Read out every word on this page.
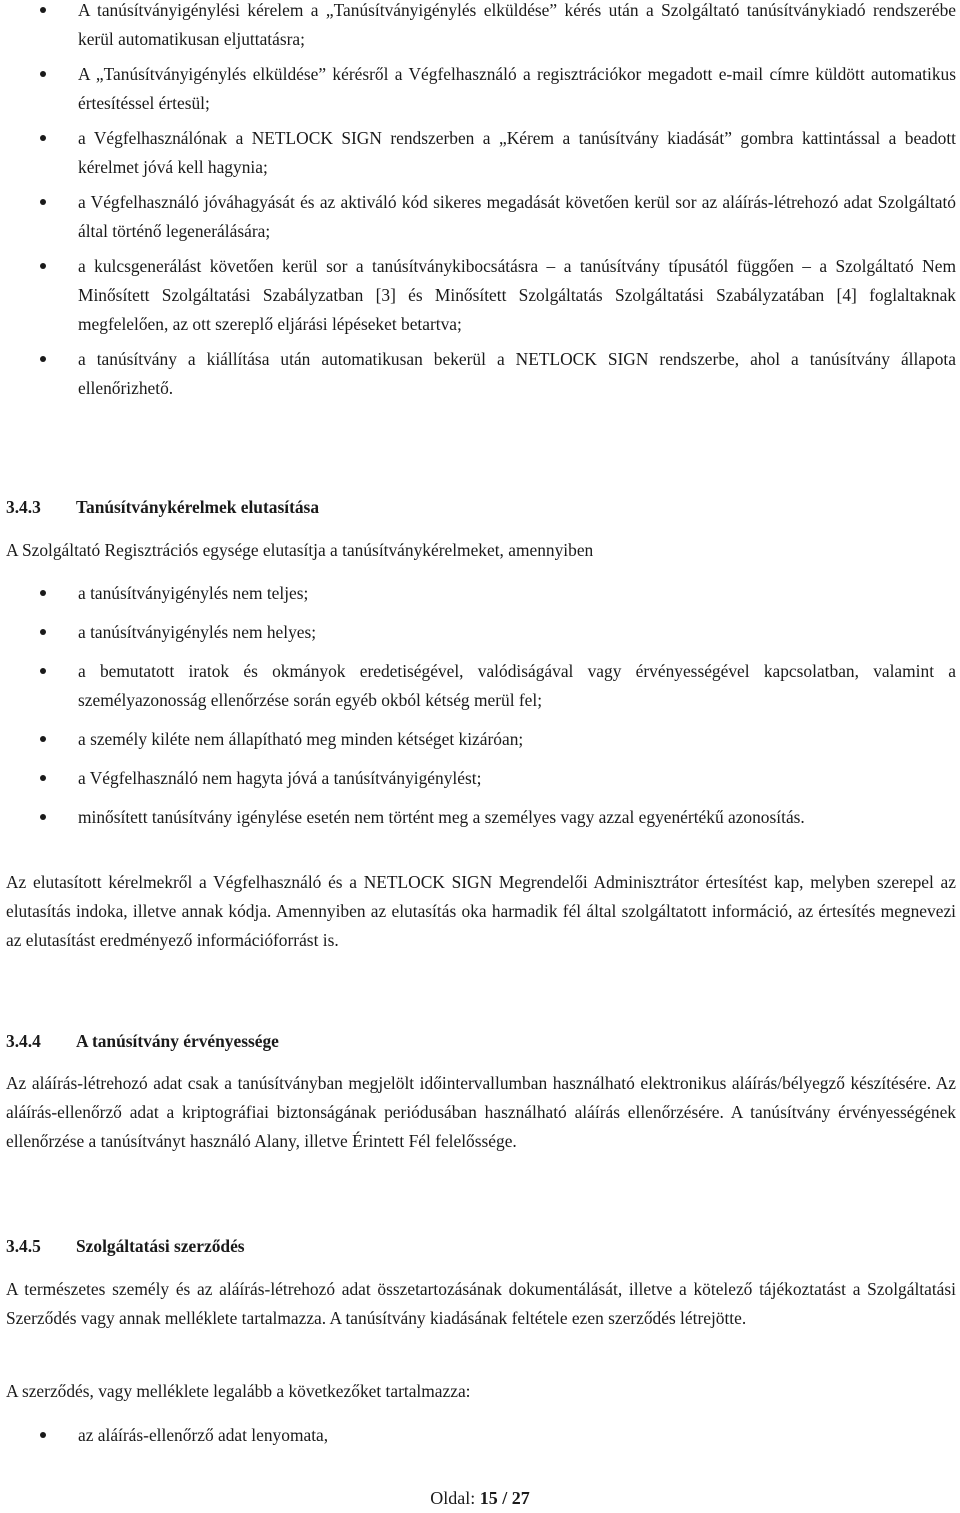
A tanúsítványigénylési kérelem a „Tanúsítványigénylés elküldése” kérés után a Szolgáltató tanúsítványkiadó rendszerébe kerül automatikusan eljuttatásra;
A „Tanúsítványigénylés elküldése” kérésről a Végfelhasználó a regisztrációkor megadott e-mail címre küldött automatikus értesítéssel értesül;
a Végfelhasználónak a NETLOCK SIGN rendszerben a „Kérem a tanúsítvány kiadását” gombra kattintással a beadott kérelmet jóvá kell hagynia;
a Végfelhasználó jóváhagyását és az aktiváló kód sikeres megadását követően kerül sor az aláírás-létrehozó adat Szolgáltató által történő legenerálására;
a kulcsgenerálást követően kerül sor a tanúsítványkibocsátásra – a tanúsítvány típusától függően – a Szolgáltató Nem Minősített Szolgáltatási Szabályzatban [3] és Minősített Szolgáltatás Szolgáltatási Szabályzatában [4] foglaltaknak megfelelően, az ott szereplő eljárási lépéseket betartva;
a tanúsítvány a kiállítása után automatikusan bekerül a NETLOCK SIGN rendszerbe, ahol a tanúsítvány állapota ellenőrizhető.
3.4.3 Tanúsítványkérelmek elutasítása

A Szolgáltató Regisztrációs egysége elutasítja a tanúsítványkérelmeket, amennyiben

a tanúsítványigénylés nem teljes;
a tanúsítványigénylés nem helyes;
a bemutatott iratok és okmányok eredetiségével, valódiságával vagy érvényességével kapcsolatban, valamint a személyazonosság ellenőrzése során egyéb okból kétség merül fel;
a személy kiléte nem állapítható meg minden kétséget kizáróan;
a Végfelhasználó nem hagyta jóvá a tanúsítványigénylést;
minősített tanúsítvány igénylése esetén nem történt meg a személyes vagy azzal egyenértékű azonosítás.

Az elutasított kérelmekről a Végfelhasználó és a NETLOCK SIGN Megrendelői Adminisztrátor értesítést kap, melyben szerepel az elutasítás indoka, illetve annak kódja. Amennyiben az elutasítás oka harmadik fél által szolgáltatott információ, az értesítés megnevezi az elutasítást eredményező információforrást is.

3.4.4 A tanúsítvány érvényessége

Az aláírás-létrehozó adat csak a tanúsítványban megjelölt időintervallumban használható elektronikus aláírás/bélyegző készítésére. Az aláírás-ellenőrző adat a kriptográfiai biztonságának periódusában használható aláírás ellenőrzésére. A tanúsítvány érvényességének ellenőrzése a tanúsítványt használó Alany, illetve Érintett Fél felelőssége.

3.4.5 Szolgáltatási szerződés

A természetes személy és az aláírás-létrehozó adat összetartozásának dokumentálását, illetve a kötelező tájékoztatást a Szolgáltatási Szerződés vagy annak melléklete tartalmazza. A tanúsítvány kiadásának feltétele ezen szerződés létrejötte.

A szerződés, vagy melléklete legalább a következőket tartalmazza:

az aláírás-ellenőrző adat lenyomata,
Oldal: 15 / 27
